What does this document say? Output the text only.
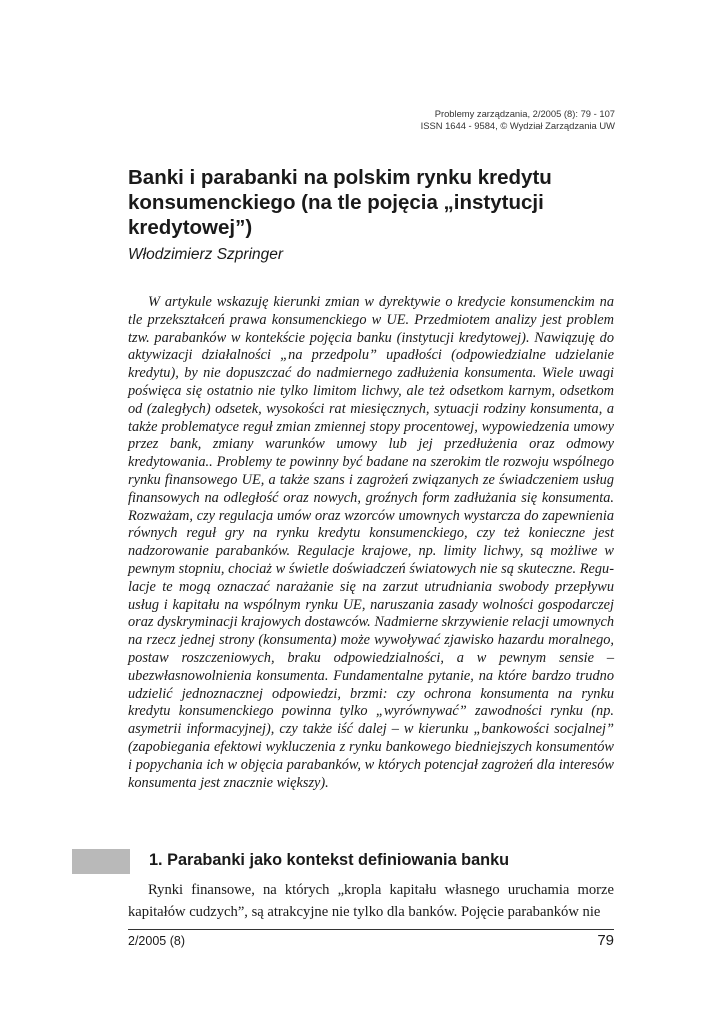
Problemy zarządzania, 2/2005 (8): 79 - 107
ISSN 1644 - 9584, © Wydział Zarządzania UW
Banki i parabanki na polskim rynku kredytu konsumenckiego (na tle pojęcia „instytucji kredytowej”)

Włodzimierz Szpringer

W artykule wskazuję kierunki zmian w dyrektywie o kredycie konsumenckim na tle przekształceń prawa konsumenckiego w UE. Przedmiotem analizy jest problem tzw. parabanków w kontekście pojęcia banku (instytucji kredytowej). Nawiązuję do aktywizacji działalności „na przedpolu” upadłości (odpowiedzialne udzielanie kredytu), by nie dopuszczać do nadmiernego zadłużenia konsumenta. Wiele uwagi poświęca się ostatnio nie tylko limitom lichwy, ale też odsetkom karnym, odsetkom od (zaległych) odsetek, wysokości rat miesięcznych, sytuacji rodziny konsumenta, a także problematyce reguł zmian zmiennej stopy procentowej, wypowiedzenia umowy przez bank, zmiany warunków umowy lub jej przedłużenia oraz odmowy kredytowania.. Problemy te powinny być badane na szerokim tle rozwoju wspólnego rynku finansowego UE, a także szans i zagrożeń związanych ze świadczeniem usług finansowych na odległość oraz nowych, groźnych form zadłużania się konsumenta. Rozważam, czy regulacja umów oraz wzorców umownych wystarcza do zapewnienia równych reguł gry na rynku kredytu konsumenckiego, czy też konieczne jest nadzorowanie parabanków. Regulacje krajowe, np. limity lichwy, są możliwe w pewnym stopniu, chociaż w świetle doświadczeń światowych nie są skuteczne. Regulacje te mogą oznaczać narażanie się na zarzut utrudniania swobody przepływu usług i kapitału na wspólnym rynku UE, naruszania zasady wolności gospodarczej oraz dyskryminacji krajowych dostawców. Nadmierne skrzywienie relacji umownych na rzecz jednej strony (konsumenta) może wywoływać zjawisko hazardu moralnego, postaw roszczeniowych, braku odpowiedzialności, a w pewnym sensie – ubezwłasnowolnienia konsumenta. Fundamentalne pytanie, na które bardzo trudno udzielić jednoznacznej odpowiedzi, brzmi: czy ochrona konsumenta na rynku kredytu konsumenckiego powinna tylko „wyrównywać” zawodności rynku (np. asymetrii informacyjnej), czy także iść dalej – w kierunku „bankowości socjalnej” (zapobiegania efektowi wykluczenia z rynku bankowego biedniejszych konsumentów i popychania ich w objęcia parabanków, w których potencjał zagrożeń dla interesów konsumenta jest znacznie większy).

1. Parabanki jako kontekst definiowania banku

Rynki finansowe, na których „kropla kapitału własnego uruchamia morze kapitałów cudzych”, są atrakcyjne nie tylko dla banków. Pojęcie parabanków nie

2/2005 (8)	79
